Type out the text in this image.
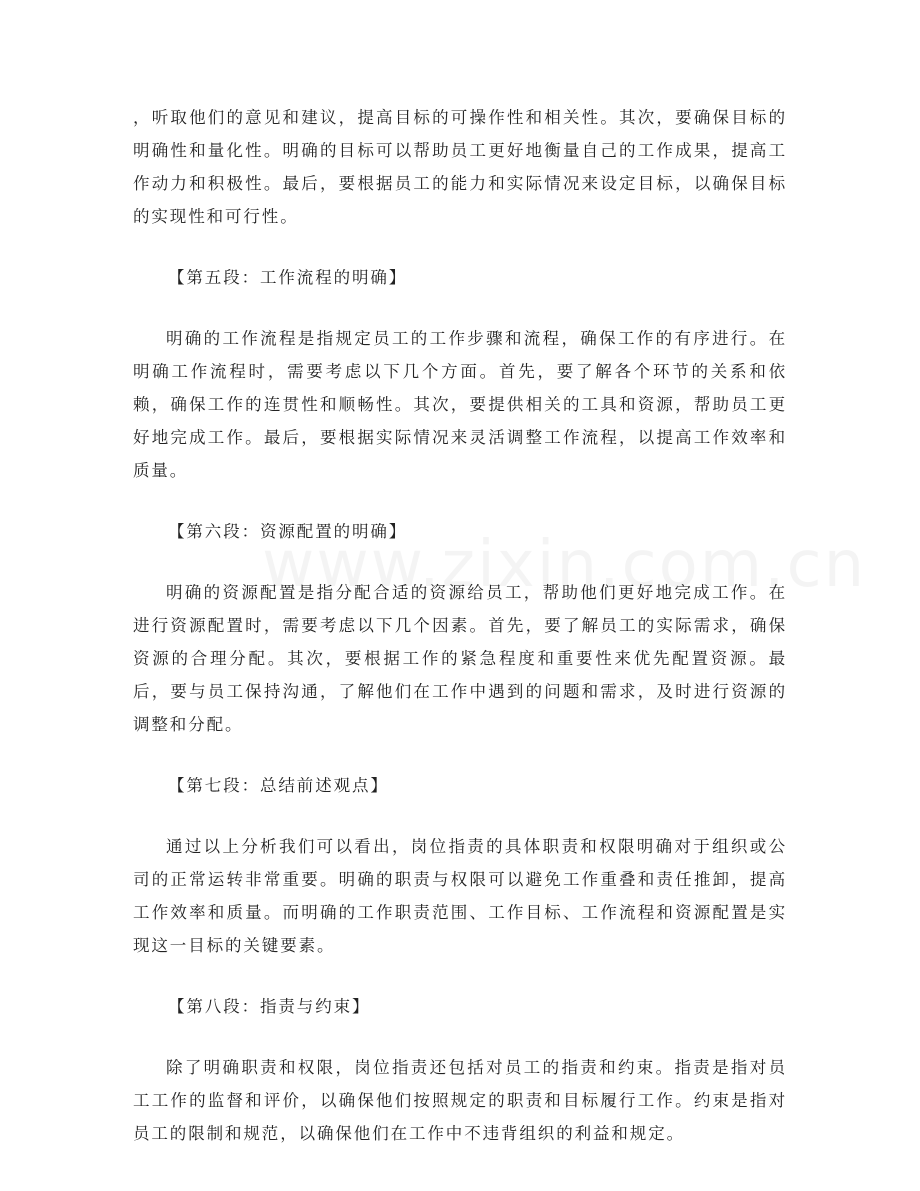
，听取他们的意见和建议，提高目标的可操作性和相关性。其次，要确保目标的明确性和量化性。明确的目标可以帮助员工更好地衡量自己的工作成果，提高工作动力和积极性。最后，要根据员工的能力和实际情况来设定目标，以确保目标的实现性和可行性。

【第五段：工作流程的明确】

明确的工作流程是指规定员工的工作步骤和流程，确保工作的有序进行。在明确工作流程时，需要考虑以下几个方面。首先，要了解各个环节的关系和依赖，确保工作的连贯性和顺畅性。其次，要提供相关的工具和资源，帮助员工更好地完成工作。最后，要根据实际情况来灵活调整工作流程，以提高工作效率和质量。

【第六段：资源配置的明确】

明确的资源配置是指分配合适的资源给员工，帮助他们更好地完成工作。在进行资源配置时，需要考虑以下几个因素。首先，要了解员工的实际需求，确保资源的合理分配。其次，要根据工作的紧急程度和重要性来优先配置资源。最后，要与员工保持沟通，了解他们在工作中遇到的问题和需求，及时进行资源的调整和分配。

【第七段：总结前述观点】

通过以上分析我们可以看出，岗位指责的具体职责和权限明确对于组织或公司的正常运转非常重要。明确的职责与权限可以避免工作重叠和责任推卸，提高工作效率和质量。而明确的工作职责范围、工作目标、工作流程和资源配置是实现这一目标的关键要素。

【第八段：指责与约束】

除了明确职责和权限，岗位指责还包括对员工的指责和约束。指责是指对员工工作的监督和评价，以确保他们按照规定的职责和目标履行工作。约束是指对员工的限制和规范，以确保他们在工作中不违背组织的利益和规定。
